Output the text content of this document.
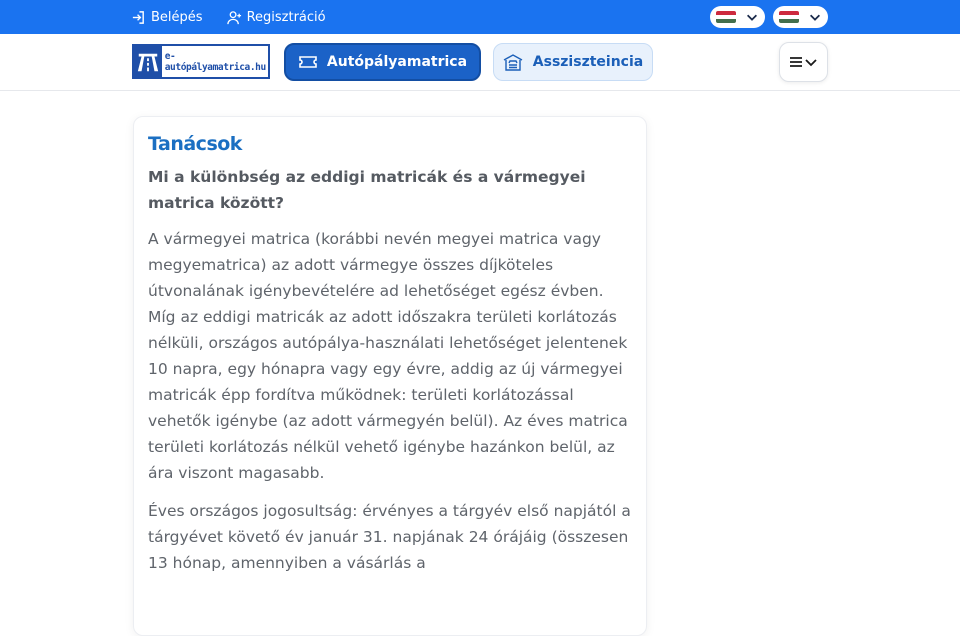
Belépés	Regisztráció
e-autópályamatrica.hu	Autópályamatrica	Assziszteincia
Tanácsok
Mi a különbség az eddigi matricák és a vármegyei matrica között?

A vármegyei matrica (korábbi nevén megyei matrica vagy megyematrica) az adott vármegye összes díjköteles útvonalának igénybevételére ad lehetőséget egész évben. Míg az eddigi matricák az adott időszakra területi korlátozás nélküli, országos autópálya-használati lehetőséget jelentenek 10 napra, egy hónapra vagy egy évre, addig az új vármegyei matricák épp fordítva működnek: területi korlátozással vehetők igénybe (az adott vármegyén belül). Az éves matrica területi korlátozás nélkül vehető igénybe hazánkon belül, az ára viszont magasabb.

Éves országos jogosultság: érvényes a tárgyév első napjától a tárgyévet követő év január 31. napjának 24 órájáig (összesen 13 hónap, amennyiben a vásárlás a
